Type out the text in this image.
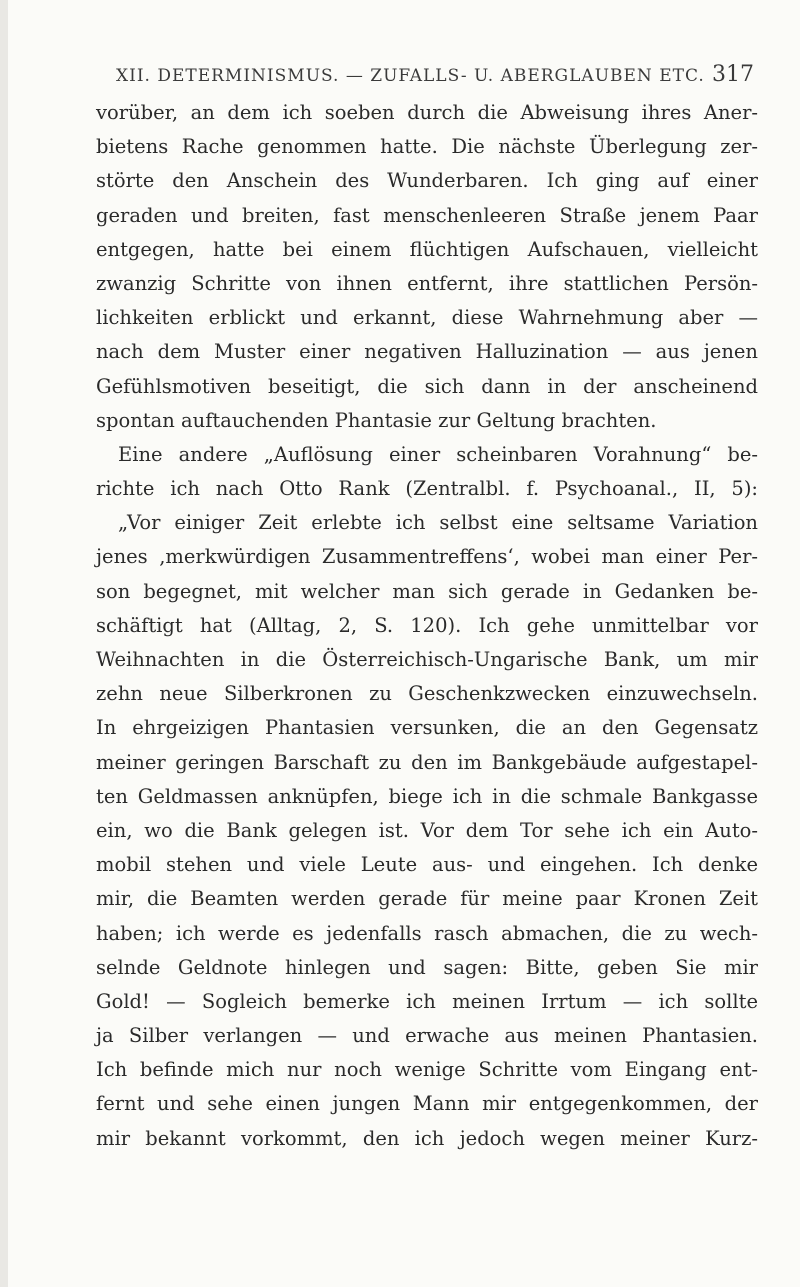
XII. DETERMINISMUS. — ZUFALLS- U. ABERGLAUBEN ETC. 317
vorüber, an dem ich soeben durch die Abweisung ihres Aner-
bietens Rache genommen hatte. Die nächste Überlegung zer-
störte den Anschein des Wunderbaren. Ich ging auf einer
geraden und breiten, fast menschenleeren Straße jenem Paar
entgegen, hatte bei einem flüchtigen Aufschauen, vielleicht
zwanzig Schritte von ihnen entfernt, ihre stattlichen Persön-
lichkeiten erblickt und erkannt, diese Wahrnehmung aber —
nach dem Muster einer negativen Halluzination — aus jenen
Gefühlsmotiven beseitigt, die sich dann in der anscheinend
spontan auftauchenden Phantasie zur Geltung brachten.
Eine andere „Auflösung einer scheinbaren Vorahnung“ be-
richte ich nach Otto Rank (Zentralbl. f. Psychoanal., II, 5):
„Vor einiger Zeit erlebte ich selbst eine seltsame Variation
jenes ‚merkwürdigen Zusammentreffens‘, wobei man einer Per-
son begegnet, mit welcher man sich gerade in Gedanken be-
schäftigt hat (Alltag, 2, S. 120). Ich gehe unmittelbar vor
Weihnachten in die Österreichisch-Ungarische Bank, um mir
zehn neue Silberkronen zu Geschenkzwecken einzuwechseln.
In ehrgeizigen Phantasien versunken, die an den Gegensatz
meiner geringen Barschaft zu den im Bankgebäude aufgestapel-
ten Geldmassen anknüpfen, biege ich in die schmale Bankgasse
ein, wo die Bank gelegen ist. Vor dem Tor sehe ich ein Auto-
mobil stehen und viele Leute aus- und eingehen. Ich denke
mir, die Beamten werden gerade für meine paar Kronen Zeit
haben; ich werde es jedenfalls rasch abmachen, die zu wech-
selnde Geldnote hinlegen und sagen: Bitte, geben Sie mir
Gold! — Sogleich bemerke ich meinen Irrtum — ich sollte
ja Silber verlangen — und erwache aus meinen Phantasien.
Ich befinde mich nur noch wenige Schritte vom Eingang ent-
fernt und sehe einen jungen Mann mir entgegenkommen, der
mir bekannt vorkommt, den ich jedoch wegen meiner Kurz-
